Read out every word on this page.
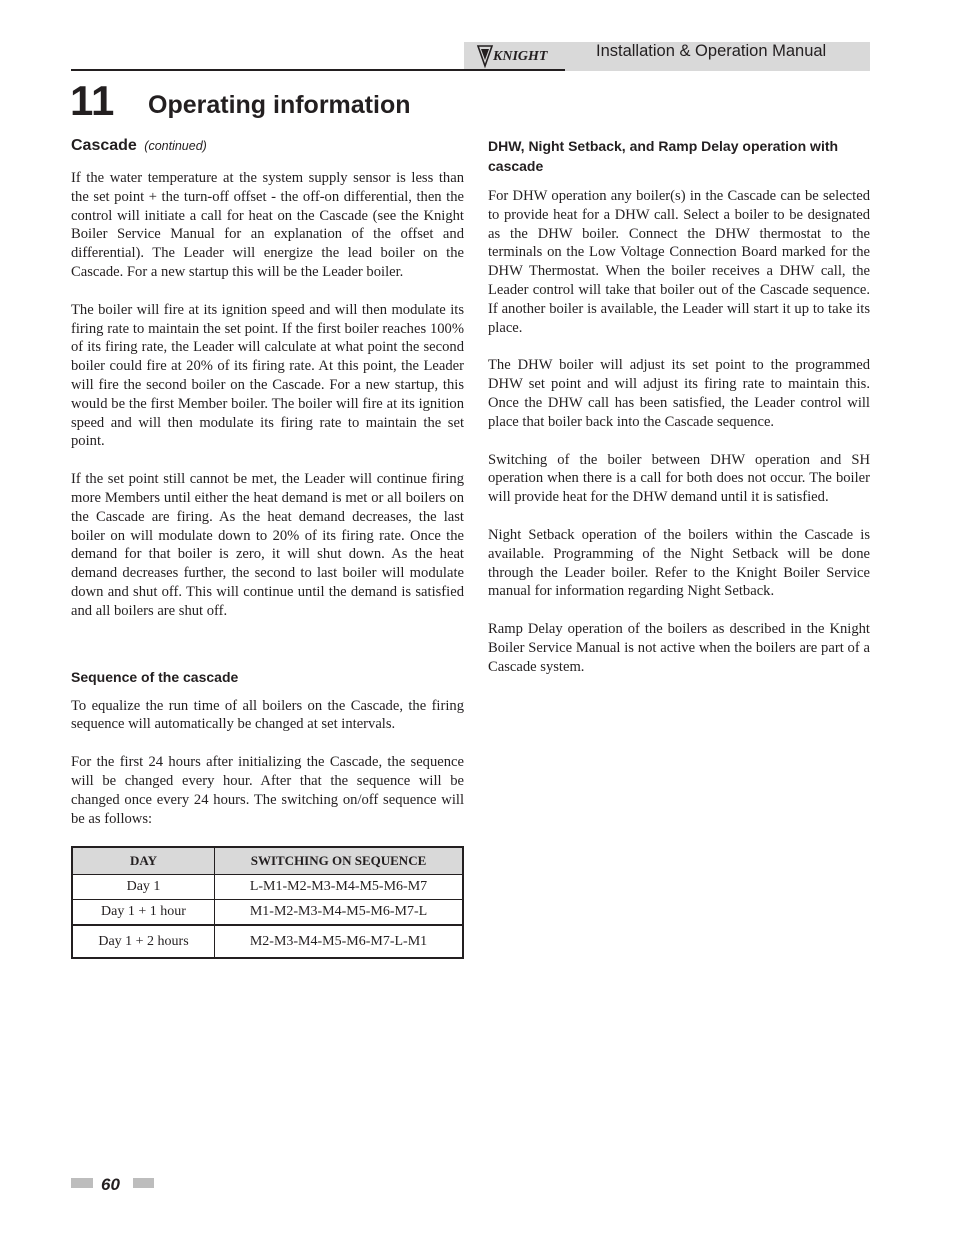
KNIGHT	Installation & Operation Manual
11 Operating information
Cascade (continued)

If the water temperature at the system supply sensor is less than the set point + the turn-off offset - the off-on differential, then the control will initiate a call for heat on the Cascade (see the Knight Boiler Service Manual for an explanation of the offset and differential). The Leader will energize the lead boiler on the Cascade. For a new startup this will be the Leader boiler.

The boiler will fire at its ignition speed and will then modulate its firing rate to maintain the set point. If the first boiler reaches 100% of its firing rate, the Leader will calculate at what point the second boiler could fire at 20% of its firing rate. At this point, the Leader will fire the second boiler on the Cascade. For a new startup, this would be the first Member boiler. The boiler will fire at its ignition speed and will then modulate its firing rate to maintain the set point.

If the set point still cannot be met, the Leader will continue firing more Members until either the heat demand is met or all boilers on the Cascade are firing. As the heat demand decreases, the last boiler on will modulate down to 20% of its firing rate. Once the demand for that boiler is zero, it will shut down. As the heat demand decreases further, the second to last boiler will modulate down and shut off. This will continue until the demand is satisfied and all boilers are shut off.

Sequence of the cascade

To equalize the run time of all boilers on the Cascade, the firing sequence will automatically be changed at set intervals.

For the first 24 hours after initializing the Cascade, the sequence will be changed every hour. After that the sequence will be changed once every 24 hours. The switching on/off sequence will be as follows:

DAY	SWITCHING ON SEQUENCE
Day 1	L-M1-M2-M3-M4-M5-M6-M7
Day 1 + 1 hour	M1-M2-M3-M4-M5-M6-M7-L
Day 1 + 2 hours	M2-M3-M4-M5-M6-M7-L-M1
DHW, Night Setback, and Ramp Delay operation with cascade

For DHW operation any boiler(s) in the Cascade can be selected to provide heat for a DHW call. Select a boiler to be designated as the DHW boiler. Connect the DHW thermostat to the terminals on the Low Voltage Connection Board marked for the DHW Thermostat. When the boiler receives a DHW call, the Leader control will take that boiler out of the Cascade sequence. If another boiler is available, the Leader will start it up to take its place.

The DHW boiler will adjust its set point to the programmed DHW set point and will adjust its firing rate to maintain this. Once the DHW call has been satisfied, the Leader control will place that boiler back into the Cascade sequence.

Switching of the boiler between DHW operation and SH operation when there is a call for both does not occur. The boiler will provide heat for the DHW demand until it is satisfied.

Night Setback operation of the boilers within the Cascade is available. Programming of the Night Setback will be done through the Leader boiler. Refer to the Knight Boiler Service manual for information regarding Night Setback.

Ramp Delay operation of the boilers as described in the Knight Boiler Service Manual is not active when the boilers are part of a Cascade system.

60
